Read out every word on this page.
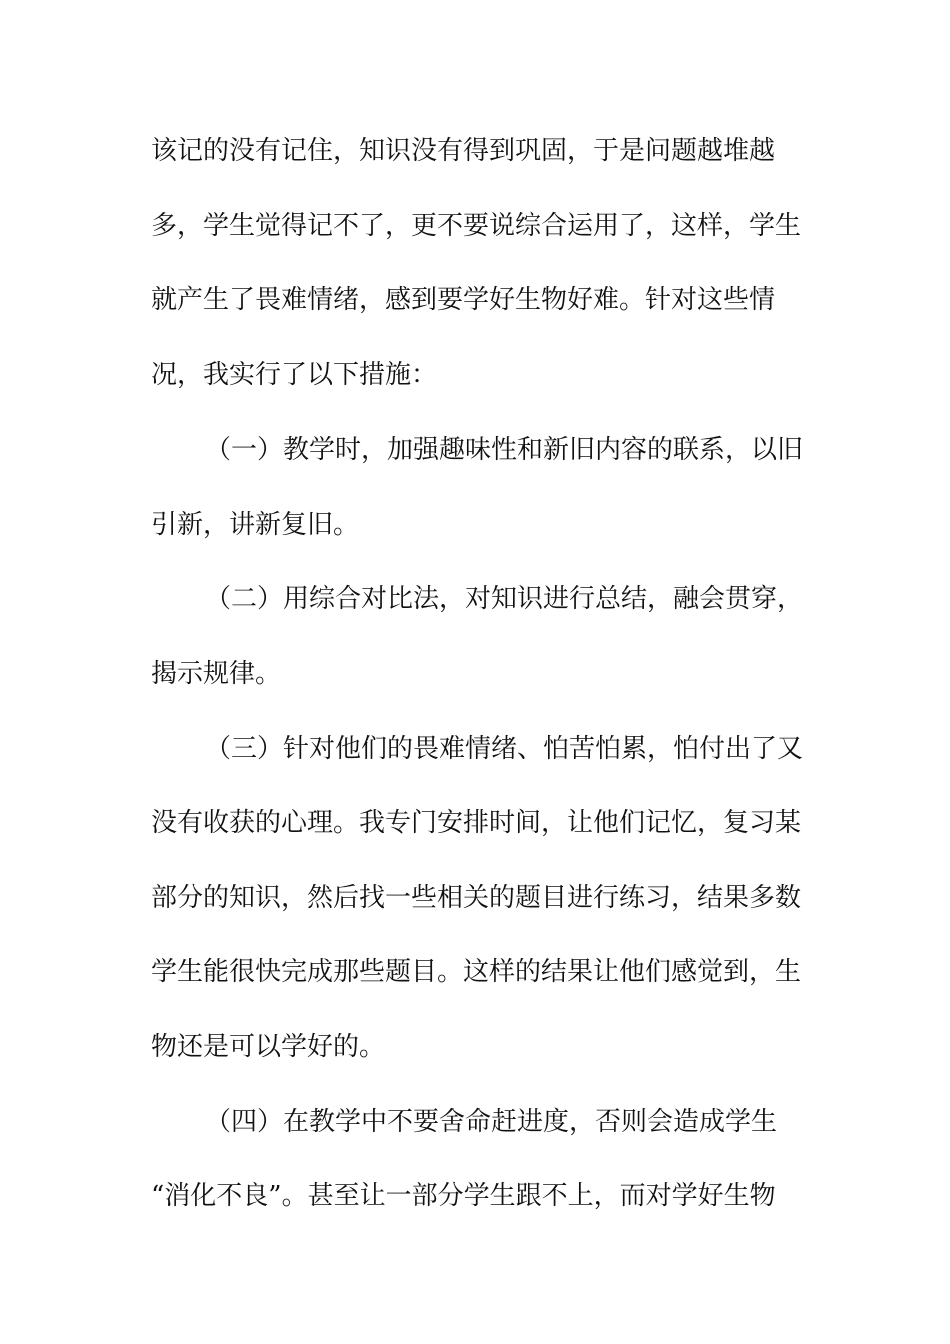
该记的没有记住，知识没有得到巩固，于是问题越堆越

多，学生觉得记不了，更不要说综合运用了，这样，学生

就产生了畏难情绪，感到要学好生物好难。针对这些情

况，我实行了以下措施：

（一）教学时，加强趣味性和新旧内容的联系，以旧

引新，讲新复旧。

（二）用综合对比法，对知识进行总结，融会贯穿，

揭示规律。

（三）针对他们的畏难情绪、怕苦怕累，怕付出了又

没有收获的心理。我专门安排时间，让他们记忆，复习某

部分的知识，然后找一些相关的题目进行练习，结果多数

学生能很快完成那些题目。这样的结果让他们感觉到，生

物还是可以学好的。

（四）在教学中不要舍命赶进度，否则会造成学生

“消化不良”。甚至让一部分学生跟不上，而对学好生物
